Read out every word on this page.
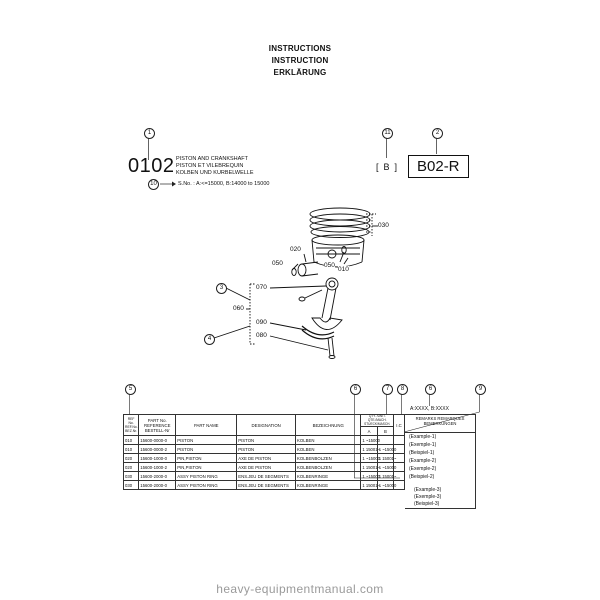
INSTRUCTIONS
INSTRUCTION
ERKLÄRUNG
1	11	2
0102 PISTON AND CRANKSHAFT
PISTON ET VILEBREQUIN
KOLBEN UND KURBELWELLE
10	S.No. : A:<=15000, B:14000 to 15000
[ B ]	B02-R
030
020
050	050
010
070
060
090
080
3
4
5	6	7	8	6	9
A:XXXX, B:XXXX
REF No. REF.No. BEZ.Nr.	PART No. REFERENCE BESTELL-Nr	PART NAME	DESIGNATION	BEZEICHNUNG	QTY. /UNIT. QTE./MACH. STUECK/MASCH.		I.C
					A	B	
010	15600-0000-0	PISTON	PISTON	KOLBEN	1 ~15000		
010	15600-0000-2	PISTON	PISTON	KOLBEN	1 15001~	1 ~15000	
020	15600-1000-0	PIN,PISTON	AXE DE PISTON	KOLBENBOLZEN	1 ~15000	1 15001~	
020	15600-1000-2	PIN,PISTON	AXE DE PISTON	KOLBENBOLZEN	1 15001~	1 ~15000	
030	15600-2000-0	ASSY PISTON RING	ENS.JEU DE SEGMENTS	KOLBENRINGE	1 ~15000	1 15001~	
030	15600-2000-0	ASSY PISTON RING	ENS.JEU DE SEGMENTS	KOLBENRINGE	1 15001~	1 ~15000	
REMARKS REMARQUES BEMERKUNGEN
(Example-1)
(Exemple-1)
(Beispiel-1)
(Example-2)
(Exemple-2)
(Beispiel-2)
(Example-3)
(Exemple-3)
(Beispiel-3)
heavy-equipmentmanual.com
